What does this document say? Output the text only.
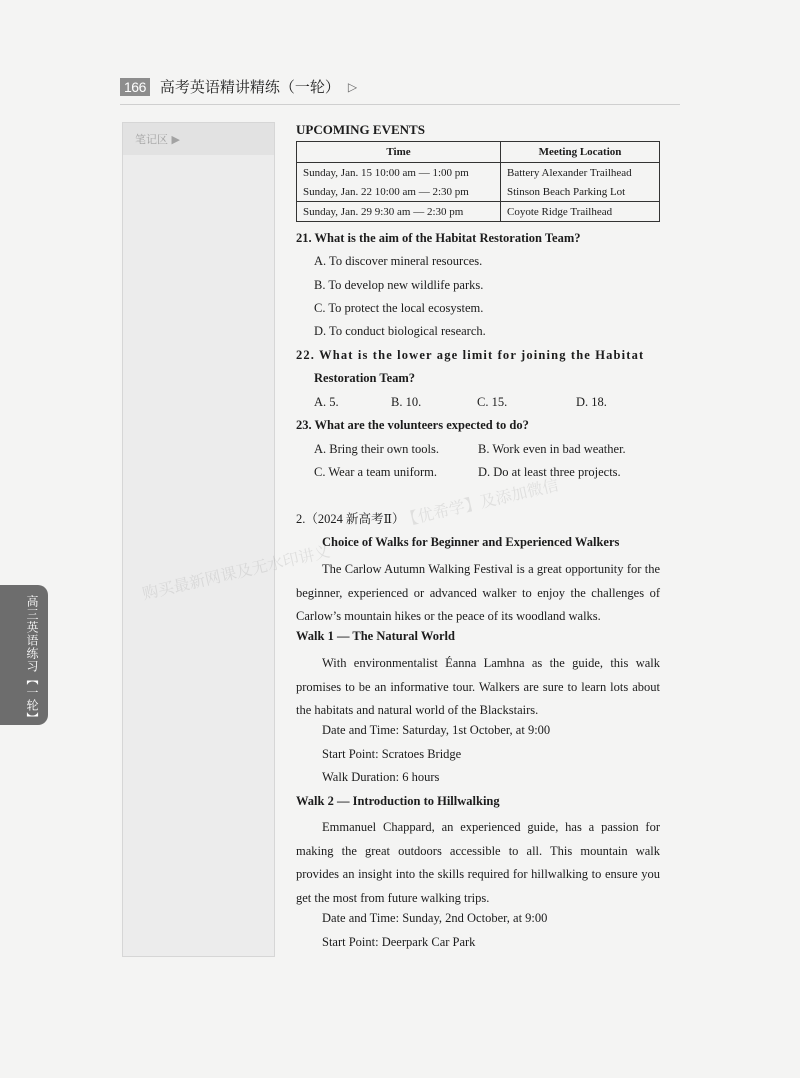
166 高考英语精讲精练（一轮） ▷
笔记区 ▶
高三英语练习【一轮】
购买最新网课及无水印讲义
【优希学】及添加微信
UPCOMING EVENTS
Time	Meeting Location
Sunday, Jan. 15 10:00 am — 1:00 pm	Battery Alexander Trailhead
Sunday, Jan. 22 10:00 am — 2:30 pm	Stinson Beach Parking Lot
Sunday, Jan. 29 9:30 am — 2:30 pm	Coyote Ridge Trailhead
21. What is the aim of the Habitat Restoration Team?
A. To discover mineral resources.
B. To develop new wildlife parks.
C. To protect the local ecosystem.
D. To conduct biological research.
22. What is the lower age limit for joining the Habitat
Restoration Team?
A. 5.	B. 10.	C. 15.	D. 18.
23. What are the volunteers expected to do?
A. Bring their own tools.	B. Work even in bad weather.
C. Wear a team uniform.	D. Do at least three projects.
2.（2024 新高考Ⅱ）
Choice of Walks for Beginner and Experienced Walkers
The Carlow Autumn Walking Festival is a great opportunity for the beginner, experienced or advanced walker to enjoy the challenges of Carlow’s mountain hikes or the peace of its woodland walks.
Walk 1 — The Natural World
With environmentalist Éanna Lamhna as the guide, this walk promises to be an informative tour. Walkers are sure to learn lots about the habitats and natural world of the Blackstairs.
Date and Time: Saturday, 1st October, at 9:00
Start Point: Scratoes Bridge
Walk Duration: 6 hours
Walk 2 — Introduction to Hillwalking
Emmanuel Chappard, an experienced guide, has a passion for making the great outdoors accessible to all. This mountain walk provides an insight into the skills required for hillwalking to ensure you get the most from future walking trips.
Date and Time: Sunday, 2nd October, at 9:00
Start Point: Deerpark Car Park
